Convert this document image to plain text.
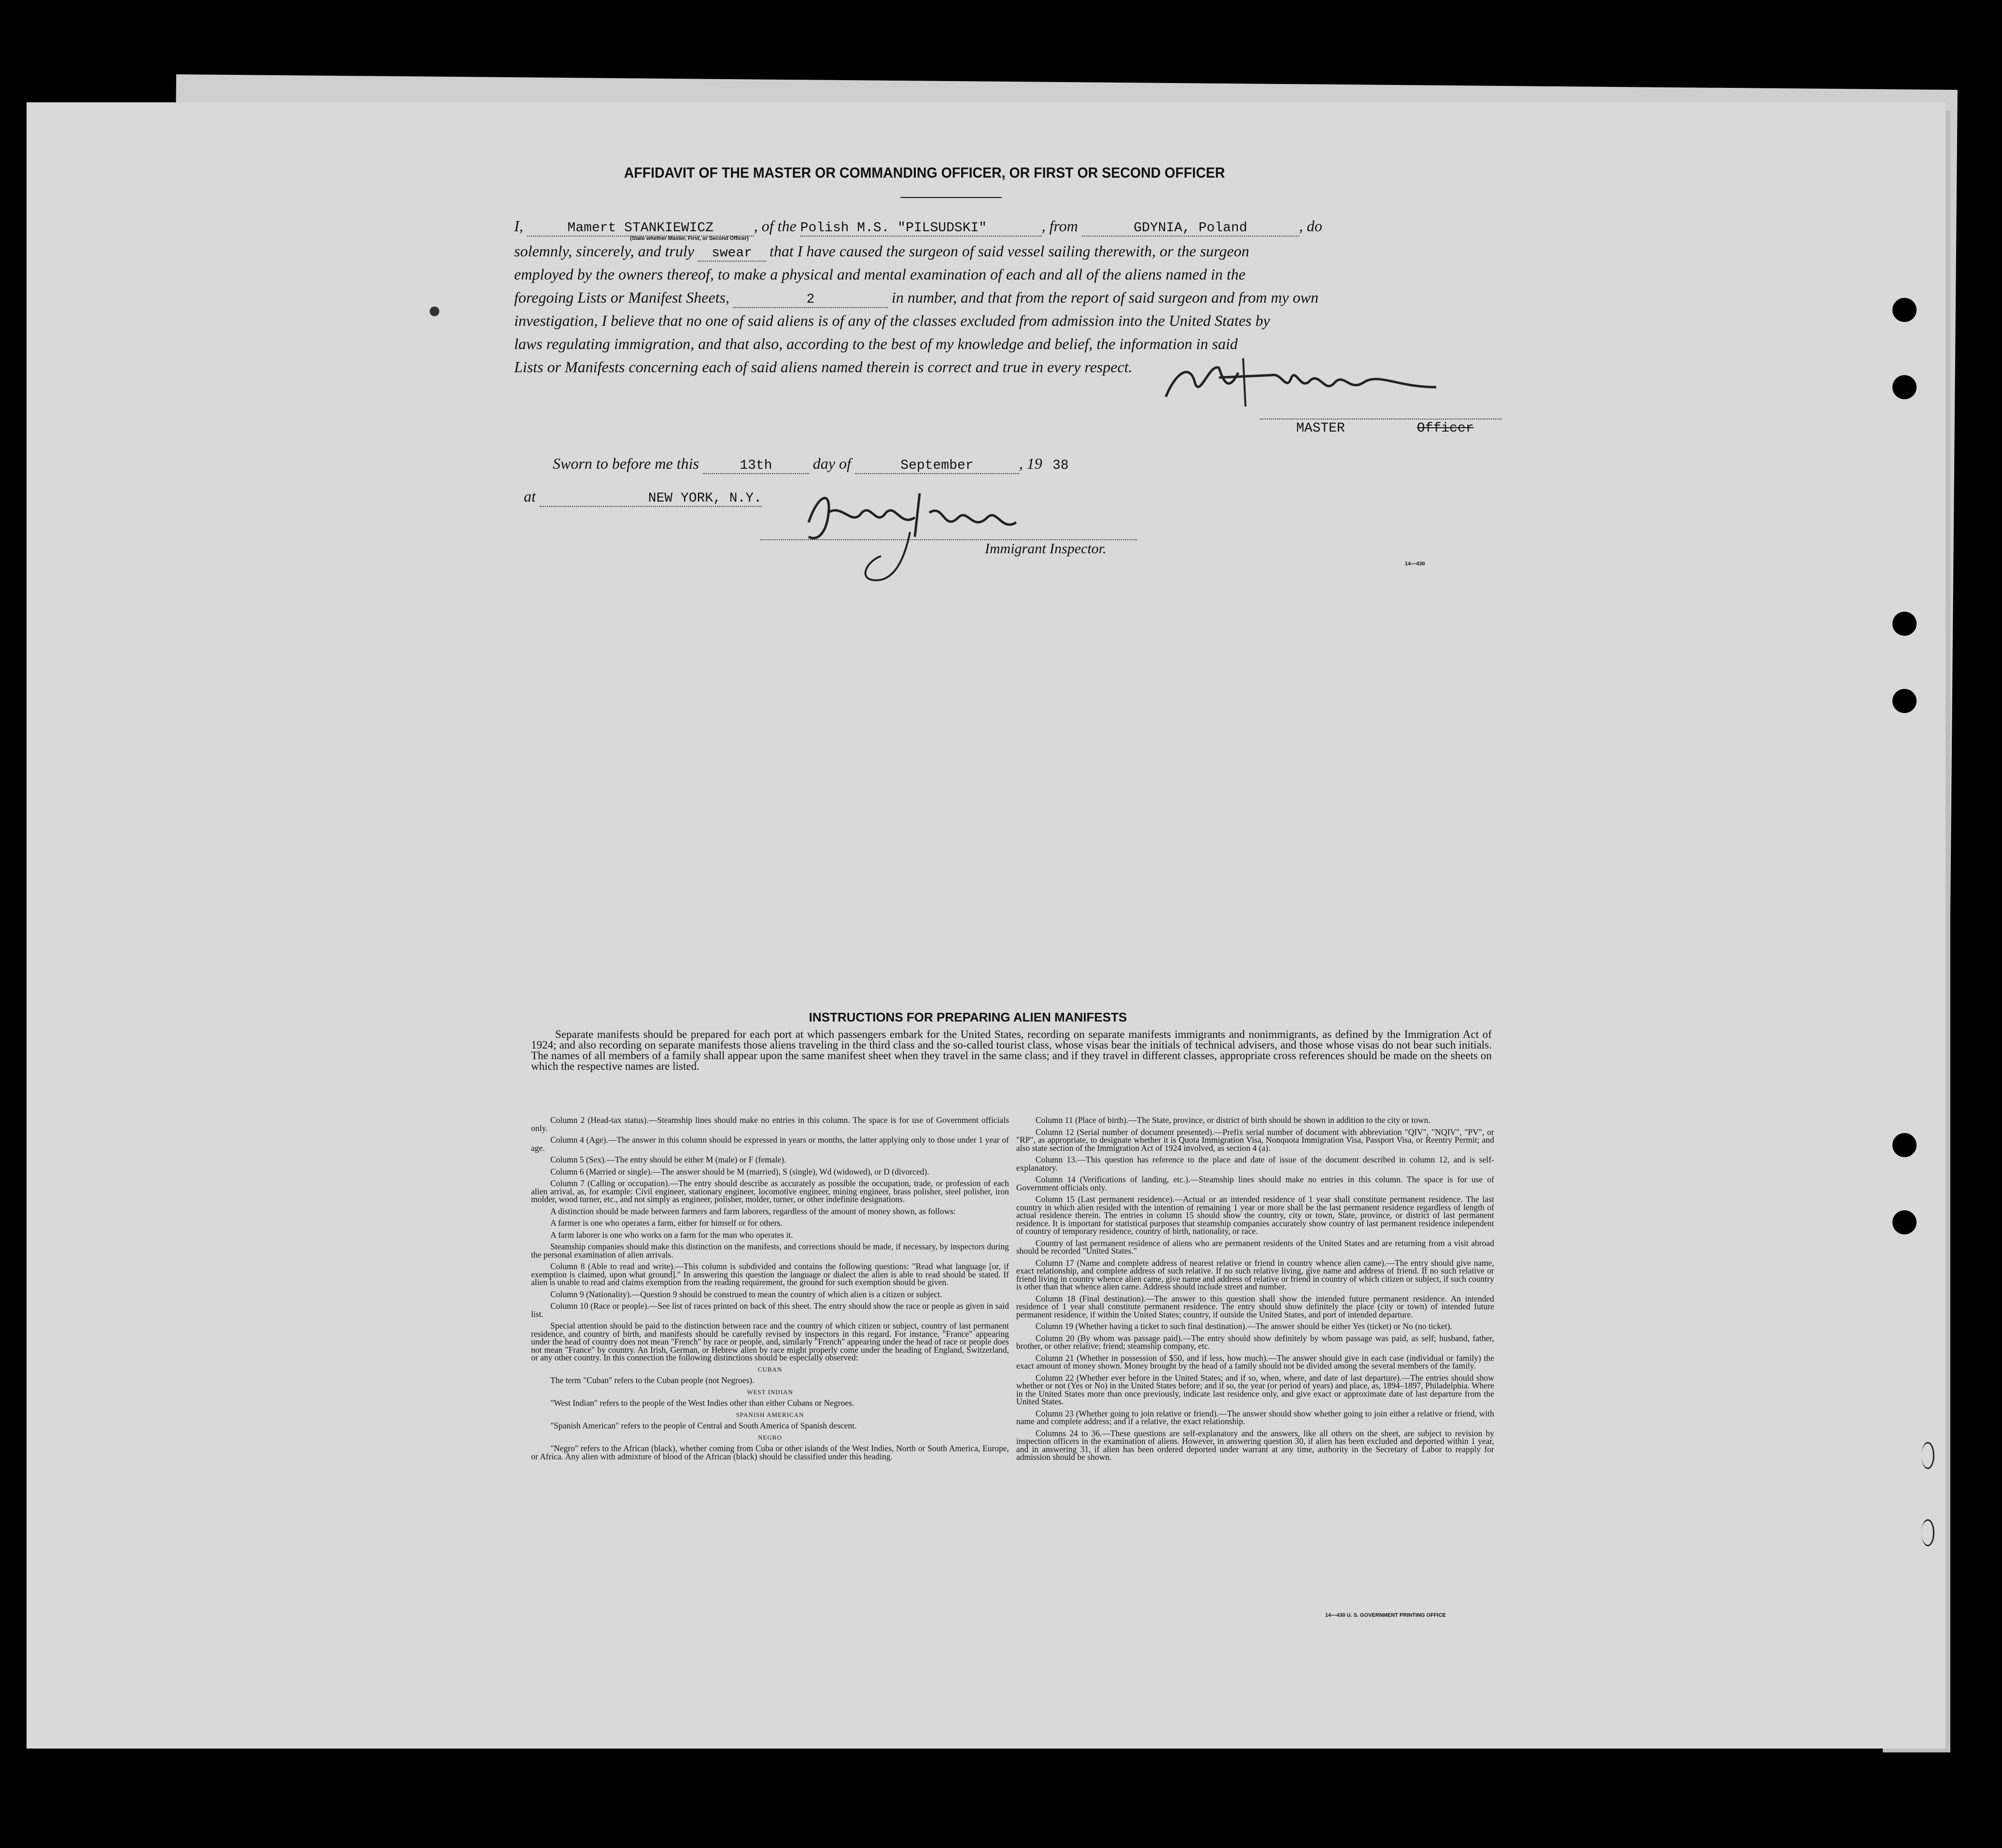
AFFIDAVIT OF THE MASTER OR COMMANDING OFFICER, OR FIRST OR SECOND OFFICER
I,	Mamert STANKIEWICZ	, of the Polish M.S. "PILSUDSKI"	, from	GDYNIA, Poland	, do
(State whether Master, First, or Second Officer)
solemnly, sincerely, and truly swear that I have caused the surgeon of said vessel sailing therewith, or the surgeon
employed by the owners thereof, to make a physical and mental examination of each and all of the aliens named in the
foregoing Lists or Manifest Sheets,	2	in number, and that from the report of said surgeon and from my own
investigation, I believe that no one of said aliens is of any of the classes excluded from admission into the United States by
laws regulating immigration, and that also, according to the best of my knowledge and belief, the information in said
Lists or Manifests concerning each of said aliens named therein is correct and true in every respect.
MASTER	Officer
Sworn to before me this	13th	day of	September	, 19 38
at	NEW YORK, N.Y.
Immigrant Inspector.
14—430
INSTRUCTIONS FOR PREPARING ALIEN MANIFESTS
Separate manifests should be prepared for each port at which passengers embark for the United States, recording on separate manifests immigrants and nonimmigrants, as defined by the Immigration Act of 1924; and also recording on separate manifests those aliens traveling in the third class and the so-called tourist class, whose visas bear the initials of technical advisers, and those whose visas do not bear such initials. The names of all members of a family shall appear upon the same manifest sheet when they travel in the same class; and if they travel in different classes, appropriate cross references should be made on the sheets on which the respective names are listed.

Column 2 (Head-tax status).—Steamship lines should make no entries in this column. The space is for use of Government officials only.

Column 4 (Age).—The answer in this column should be expressed in years or months, the latter applying only to those under 1 year of age.

Column 5 (Sex).—The entry should be either M (male) or F (female).

Column 6 (Married or single).—The answer should be M (married), S (single), Wd (widowed), or D (divorced).

Column 7 (Calling or occupation).—The entry should describe as accurately as possible the occupation, trade, or profession of each alien arrival, as, for example: Civil engineer, stationary engineer, locomotive engineer, mining engineer, brass polisher, steel polisher, iron molder, wood turner, etc., and not simply as engineer, polisher, molder, turner, or other indefinite designations.

A distinction should be made between farmers and farm laborers, regardless of the amount of money shown, as follows:

A farmer is one who operates a farm, either for himself or for others.

A farm laborer is one who works on a farm for the man who operates it.

Steamship companies should make this distinction on the manifests, and corrections should be made, if necessary, by inspectors during the personal examination of alien arrivals.

Column 8 (Able to read and write).—This column is subdivided and contains the following questions: "Read what language [or, if exemption is claimed, upon what ground]." In answering this question the language or dialect the alien is able to read should be stated. If alien is unable to read and claims exemption from the reading requirement, the ground for such exemption should be given.

Column 9 (Nationality).—Question 9 should be construed to mean the country of which alien is a citizen or subject.

Column 10 (Race or people).—See list of races printed on back of this sheet. The entry should show the race or people as given in said list.

Special attention should be paid to the distinction between race and the country of which citizen or subject, country of last permanent residence, and country of birth, and manifests should be carefully revised by inspectors in this regard. For instance, "France" appearing under the head of country does not mean "French" by race or people, and, similarly "French" appearing under the head of race or people does not mean "France" by country. An Irish, German, or Hebrew alien by race might properly come under the heading of England, Switzerland, or any other country. In this connection the following distinctions should be especially observed:

CUBAN

The term "Cuban" refers to the Cuban people (not Negroes).

WEST INDIAN

"West Indian" refers to the people of the West Indies other than either Cubans or Negroes.

SPANISH AMERICAN

"Spanish American" refers to the people of Central and South America of Spanish descent.

NEGRO

"Negro" refers to the African (black), whether coming from Cuba or other islands of the West Indies, North or South America, Europe, or Africa. Any alien with admixture of blood of the African (black) should be classified under this heading.

Column 11 (Place of birth).—The State, province, or district of birth should be shown in addition to the city or town.

Column 12 (Serial number of document presented).—Prefix serial number of document with abbreviation "QIV", "NQIV", "PV", or "RP", as appropriate, to designate whether it is Quota Immigration Visa, Nonquota Immigration Visa, Passport Visa, or Reentry Permit; and also state section of the Immigration Act of 1924 involved, as section 4 (a).

Column 13.—This question has reference to the place and date of issue of the document described in column 12, and is self-explanatory.

Column 14 (Verifications of landing, etc.).—Steamship lines should make no entries in this column. The space is for use of Government officials only.

Column 15 (Last permanent residence).—Actual or an intended residence of 1 year shall constitute permanent residence. The last country in which alien resided with the intention of remaining 1 year or more shall be the last permanent residence regardless of length of actual residence therein. The entries in column 15 should show the country, city or town, State, province, or district of last permanent residence. It is important for statistical purposes that steamship companies accurately show country of last permanent residence independent of country of temporary residence, country of birth, nationality, or race.

Country of last permanent residence of aliens who are permanent residents of the United States and are returning from a visit abroad should be recorded "United States."

Column 17 (Name and complete address of nearest relative or friend in country whence alien came).—The entry should give name, exact relationship, and complete address of such relative. If no such relative living, give name and address of friend. If no such relative or friend living in country whence alien came, give name and address of relative or friend in country of which citizen or subject, if such country is other than that whence alien came. Address should include street and number.

Column 18 (Final destination).—The answer to this question shall show the intended future permanent residence. An intended residence of 1 year shall constitute permanent residence. The entry should show definitely the place (city or town) of intended future permanent residence, if within the United States; country, if outside the United States, and port of intended departure.

Column 19 (Whether having a ticket to such final destination).—The answer should be either Yes (ticket) or No (no ticket).

Column 20 (By whom was passage paid).—The entry should show definitely by whom passage was paid, as self; husband, father, brother, or other relative; friend; steamship company, etc.

Column 21 (Whether in possession of $50, and if less, how much).—The answer should give in each case (individual or family) the exact amount of money shown. Money brought by the head of a family should not be divided among the several members of the family.

Column 22 (Whether ever before in the United States; and if so, when, where, and date of last departure).—The entries should show whether or not (Yes or No) in the United States before; and if so, the year (or period of years) and place, as, 1894–1897, Philadelphia. Where in the United States more than once previously, indicate last residence only, and give exact or approximate date of last departure from the United States.

Column 23 (Whether going to join relative or friend).—The answer should show whether going to join either a relative or friend, with name and complete address; and if a relative, the exact relationship.

Columns 24 to 36.—These questions are self-explanatory and the answers, like all others on the sheet, are subject to revision by inspection officers in the examination of aliens. However, in answering question 30, if alien has been excluded and deported within 1 year, and in answering 31, if alien has been ordered deported under warrant at any time, authority in the Secretary of Labor to reapply for admission should be shown.

14—430 U. S. GOVERNMENT PRINTING OFFICE
